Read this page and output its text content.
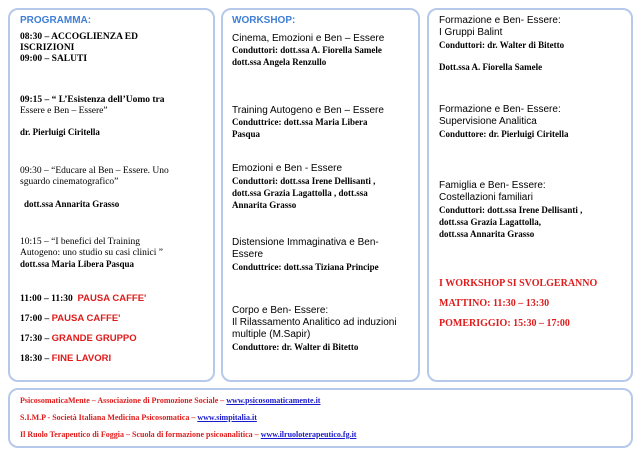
PROGRAMMA:
08:30 – ACCOGLIENZA ED
ISCRIZIONI
09:00 – SALUTI
09:15 – “ L’Esistenza dell’Uomo tra
Essere e Ben – Essere”
dr. Pierluigi Ciritella
09:30 – “Educare al Ben – Essere. Uno
sguardo cinematografico”
dott.ssa Annarita Grasso
10:15 – “I benefici del Training
Autogeno: uno studio su casi clinici ”
dott.ssa Maria Libera Pasqua
11:00 – 11:30 PAUSA CAFFE'
17:00 – PAUSA CAFFE'
17:30 – GRANDE GRUPPO
18:30 – FINE LAVORI
WORKSHOP:
Cinema, Emozioni e Ben – Essere
Conduttori: dott.ssa A. Fiorella Samele
dott.ssa Angela Renzullo
Training Autogeno e Ben – Essere
Conduttrice: dott.ssa Maria Libera
Pasqua
Emozioni e Ben - Essere
Conduttori: dott.ssa Irene Dellisanti ,
dott.ssa Grazia Lagattolla , dott.ssa
Annarita Grasso
Distensione Immaginativa e Ben-
Essere
Conduttrice: dott.ssa Tiziana Principe
Corpo e Ben- Essere:
Il Rilassamento Analitico ad induzioni
multiple (M.Sapir)
Conduttore: dr. Walter di Bitetto
Formazione e Ben- Essere:
I Gruppi Balint
Conduttori: dr. Walter di Bitetto
Dott.ssa A. Fiorella Samele
Formazione e Ben- Essere:
Supervisione Analitica
Conduttore: dr. Pierluigi Ciritella
Famiglia e Ben- Essere:
Costellazioni familiari
Conduttori: dott.ssa Irene Dellisanti ,
dott.ssa Grazia Lagattolla,
dott.ssa Annarita Grasso
I WORKSHOP SI SVOLGERANNO
MATTINO: 11:30 – 13:30
POMERIGGIO: 15:30 – 17:00
PsicosomaticaMente – Associazione di Promozione Sociale – www.psicosomaticamente.it
S.I.M.P - Società Italiana Medicina Psicosomatica – www.simpitalia.it
Il Ruolo Terapeutico di Foggia – Scuola di formazione psicoanalitica – www.ilruoloterapeutico.fg.it
